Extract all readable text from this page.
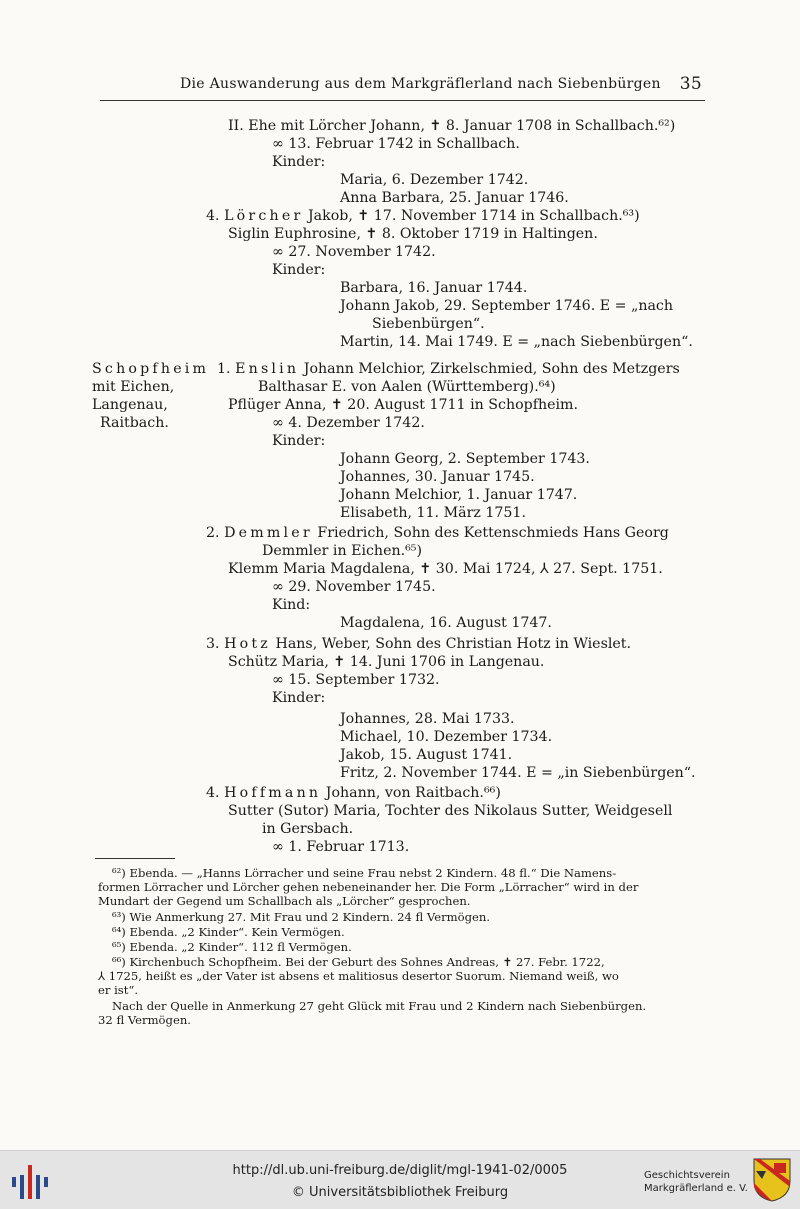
Die Auswanderung aus dem Markgräflerland nach Siebenbürgen 35
Schopfheim
mit Eichen,
Langenau,
Raitbach.
II. Ehe mit Lörcher Johann, ✝ 8. Januar 1708 in Schallbach.⁶²)
∞ 13. Februar 1742 in Schallbach.
Kinder:
Maria, 6. Dezember 1742.
Anna Barbara, 25. Januar 1746.
4. Lörcher Jakob, ✝ 17. November 1714 in Schallbach.⁶³)
Siglin Euphrosine, ✝ 8. Oktober 1719 in Haltingen.
∞ 27. November 1742.
Kinder:
Barbara, 16. Januar 1744.
Johann Jakob, 29. September 1746. E = „nach
Siebenbürgen“.
Martin, 14. Mai 1749. E = „nach Siebenbürgen“.
1. Enslin Johann Melchior, Zirkelschmied, Sohn des Metzgers
Balthasar E. von Aalen (Württemberg).⁶⁴)
Pflüger Anna, ✝ 20. August 1711 in Schopfheim.
∞ 4. Dezember 1742.
Kinder:
Johann Georg, 2. September 1743.
Johannes, 30. Januar 1745.
Johann Melchior, 1. Januar 1747.
Elisabeth, 11. März 1751.
2. Demmler Friedrich, Sohn des Kettenschmieds Hans Georg
Demmler in Eichen.⁶⁵)
Klemm Maria Magdalena, ✝ 30. Mai 1724, ⅄ 27. Sept. 1751.
∞ 29. November 1745.
Kind:
Magdalena, 16. August 1747.
3. Hotz Hans, Weber, Sohn des Christian Hotz in Wieslet.
Schütz Maria, ✝ 14. Juni 1706 in Langenau.
∞ 15. September 1732.
Kinder:
Johannes, 28. Mai 1733.
Michael, 10. Dezember 1734.
Jakob, 15. August 1741.
Fritz, 2. November 1744. E = „in Siebenbürgen“.
4. Hoffmann Johann, von Raitbach.⁶⁶)
Sutter (Sutor) Maria, Tochter des Nikolaus Sutter, Weidgesell
in Gersbach.
∞ 1. Februar 1713.
⁶²) Ebenda. — „Hanns Lörracher und seine Frau nebst 2 Kindern. 48 fl.“ Die Namens-
formen Lörracher und Lörcher gehen nebeneinander her. Die Form „Lörracher“ wird in der
Mundart der Gegend um Schallbach als „Lörcher“ gesprochen.
⁶³) Wie Anmerkung 27. Mit Frau und 2 Kindern. 24 fl Vermögen.
⁶⁴) Ebenda. „2 Kinder“. Kein Vermögen.
⁶⁵) Ebenda. „2 Kinder“. 112 fl Vermögen.
⁶⁶) Kirchenbuch Schopfheim. Bei der Geburt des Sohnes Andreas, ✝ 27. Febr. 1722,
⅄ 1725, heißt es „der Vater ist absens et malitiosus desertor Suorum. Niemand weiß, wo
er ist“.
Nach der Quelle in Anmerkung 27 geht Glück mit Frau und 2 Kindern nach Siebenbürgen.
32 fl Vermögen.
http://dl.ub.uni-freiburg.de/diglit/mgl-1941-02/0005
© Universitätsbibliothek Freiburg
Geschichtsverein
Markgräflerland e. V.
